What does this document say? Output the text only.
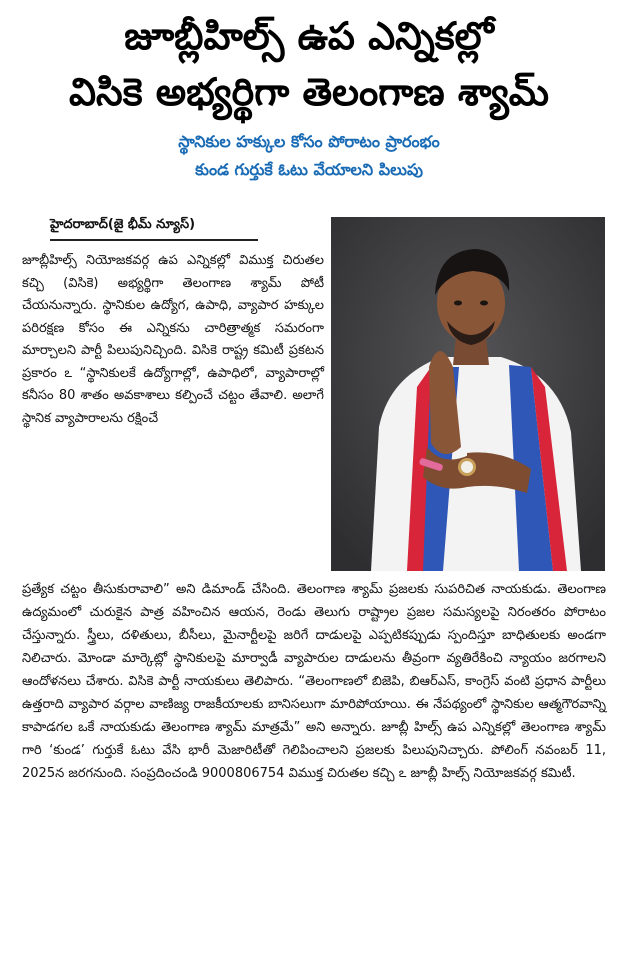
జూబ్లీహిల్స్ ఉప ఎన్నికల్లో
విసికె అభ్యర్థిగా తెలంగాణ శ్యామ్
స్థానికుల హక్కుల కోసం పోరాటం ప్రారంభం
కుండ గుర్తుకే ఓటు వేయాలని పిలుపు
హైదరాబాద్(జై భీమ్ న్యూస్)

జూబ్లీహిల్స్ నియోజకవర్గ ఉప ఎన్నికల్లో విముక్త చిరుతల కచ్చి (విసికె) అభ్యర్థిగా తెలంగాణ శ్యామ్ పోటీ చేయనున్నారు. స్థానికుల ఉద్యోగ, ఉపాధి, వ్యాపార హక్కుల పరిరక్షణ కోసం ఈ ఎన్నికను చారిత్రాత్మక సమరంగా మార్చాలని పార్టీ పిలుపునిచ్చింది. విసికె రాష్ట్ర కమిటీ ప్రకటన ప్రకారం ఽ “స్థానికులకే ఉద్యోగాల్లో, ఉపాధిలో, వ్యాపారాల్లో కనీసం 80 శాతం అవకాశాలు కల్పించే చట్టం తేవాలి. అలాగే స్థానిక వ్యాపారాలను రక్షించే

ప్రత్యేక చట్టం తీసుకురావాలి” అని డిమాండ్ చేసింది. తెలంగాణ శ్యామ్ ప్రజలకు సుపరిచిత నాయకుడు. తెలంగాణ ఉద్యమంలో చురుకైన పాత్ర వహించిన ఆయన, రెండు తెలుగు రాష్ట్రాల ప్రజల సమస్యలపై నిరంతరం పోరాటం చేస్తున్నారు. స్త్రీలు, దళితులు, బీసీలు, మైనార్టీలపై జరిగే దాడులపై ఎప్పటికప్పుడు స్పందిస్తూ బాధితులకు అండగా నిలిచారు. మోండా మార్కెట్లో స్థానికులపై మార్వాడీ వ్యాపారుల దాడులను తీవ్రంగా వ్యతిరేకించి న్యాయం జరగాలని ఆందోళనలు చేశారు. విసికె పార్టీ నాయకులు తెలిపారు. “తెలంగాణలో బిజెపి, బిఆర్ఎస్, కాంగ్రెస్ వంటి ప్రధాన పార్టీలు ఉత్తరాది వ్యాపార వర్గాల వాణిజ్య రాజకీయాలకు బానిసలుగా మారిపోయాయి. ఈ నేపథ్యంలో స్థానికుల ఆత్మగౌరవాన్ని కాపాడగల ఒకే నాయకుడు తెలంగాణ శ్యామ్ మాత్రమే” అని అన్నారు. జూబ్లీ హిల్స్ ఉప ఎన్నికల్లో తెలంగాణ శ్యామ్ గారి ‘కుండ’ గుర్తుకే ఓటు వేసి భారీ మెజారిటీతో గెలిపించాలని ప్రజలకు పిలుపునిచ్చారు. పోలింగ్ నవంబర్ 11, 2025న జరగనుంది. సంప్రదించండి 9000806754 విముక్త చిరుతల కచ్చి ఽ జూబ్లీ హిల్స్ నియోజకవర్గ కమిటీ.
